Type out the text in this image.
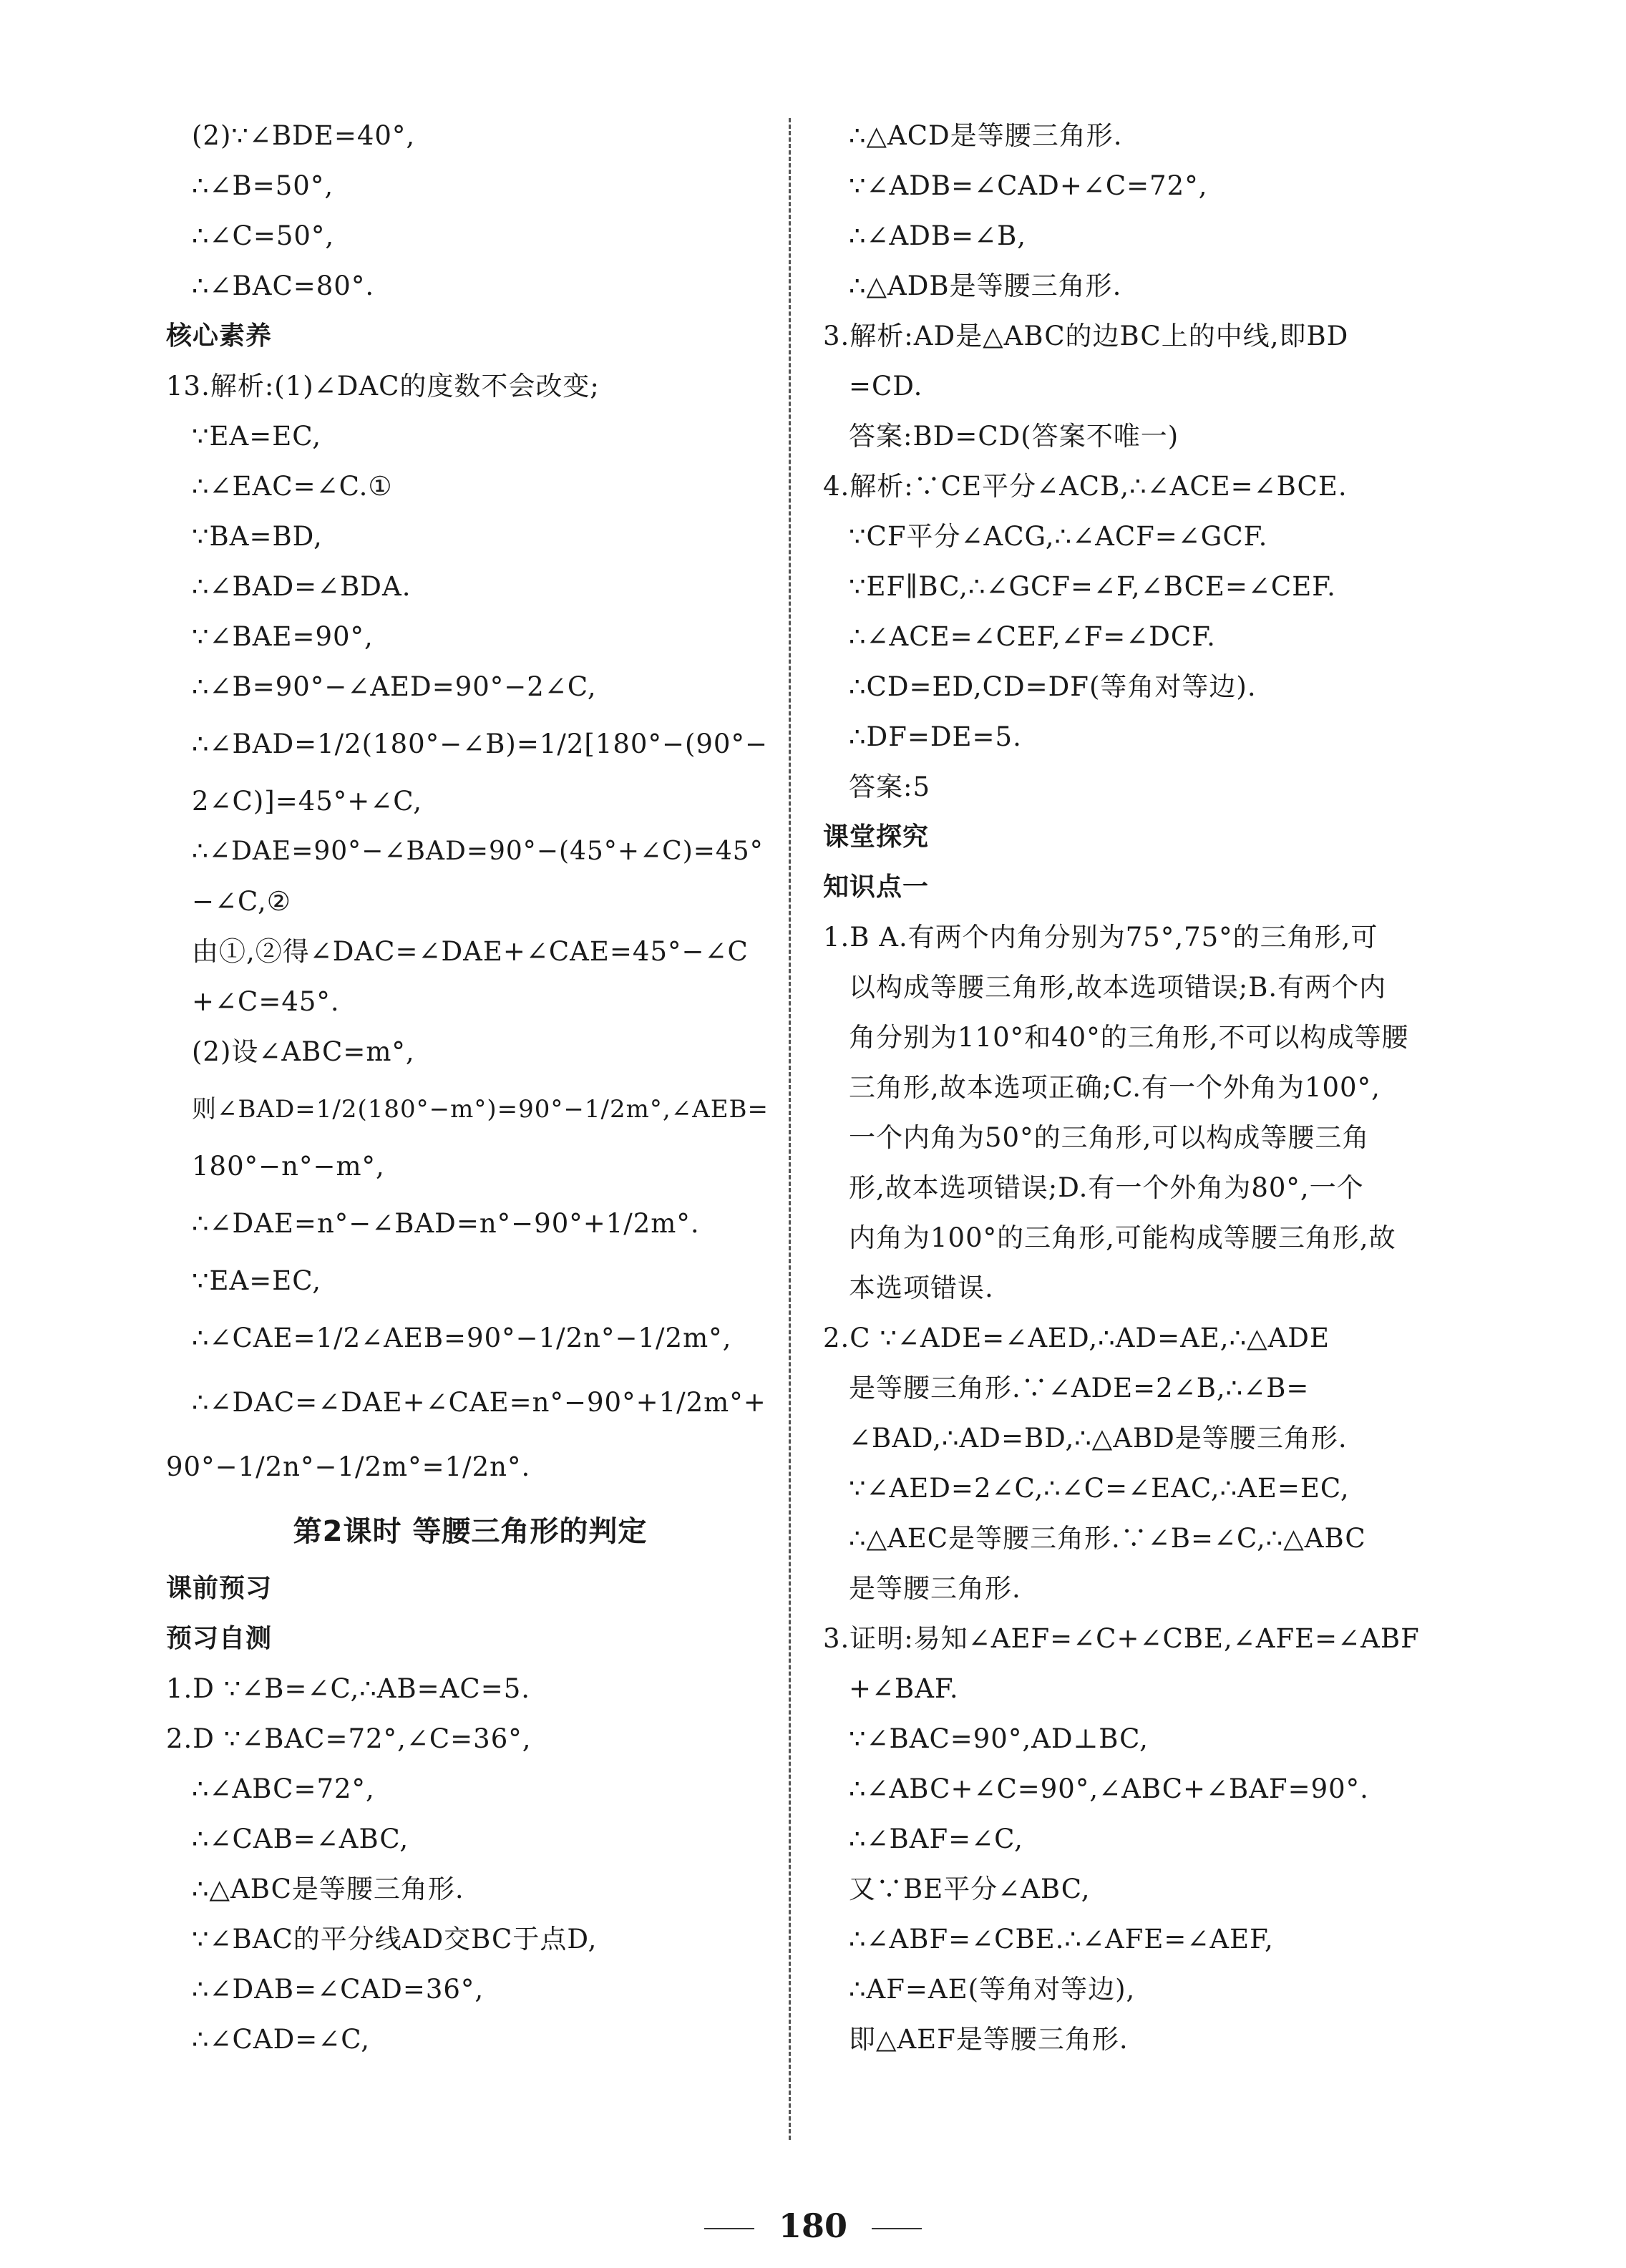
(2)∵∠BDE=40°,
∴∠B=50°,
∴∠C=50°,
∴∠BAC=80°.
核心素养
13.解析:(1)∠DAC的度数不会改变;
∵EA=EC,
∴∠EAC=∠C.①
∵BA=BD,
∴∠BAD=∠BDA.
∵∠BAE=90°,
∴∠B=90°−∠AED=90°−2∠C,
∴∠BAD=1/2(180°−∠B)=1/2[180°−(90°−
2∠C)]=45°+∠C,
∴∠DAE=90°−∠BAD=90°−(45°+∠C)=45°
−∠C,②
由①,②得∠DAC=∠DAE+∠CAE=45°−∠C
+∠C=45°.
(2)设∠ABC=m°,
则∠BAD=1/2(180°−m°)=90°−1/2m°,∠AEB=
180°−n°−m°,
∴∠DAE=n°−∠BAD=n°−90°+1/2m°.
∵EA=EC,
∴∠CAE=1/2∠AEB=90°−1/2n°−1/2m°,
∴∠DAC=∠DAE+∠CAE=n°−90°+1/2m°+
90°−1/2n°−1/2m°=1/2n°.
第2课时 等腰三角形的判定
课前预习
预习自测
1.D ∵∠B=∠C,∴AB=AC=5.
2.D ∵∠BAC=72°,∠C=36°,
∴∠ABC=72°,
∴∠CAB=∠ABC,
∴△ABC是等腰三角形.
∵∠BAC的平分线AD交BC于点D,
∴∠DAB=∠CAD=36°,
∴∠CAD=∠C,
∴△ACD是等腰三角形.
∵∠ADB=∠CAD+∠C=72°,
∴∠ADB=∠B,
∴△ADB是等腰三角形.
3.解析:AD是△ABC的边BC上的中线,即BD
=CD.
答案:BD=CD(答案不唯一)
4.解析:∵CE平分∠ACB,∴∠ACE=∠BCE.
∵CF平分∠ACG,∴∠ACF=∠GCF.
∵EF∥BC,∴∠GCF=∠F,∠BCE=∠CEF.
∴∠ACE=∠CEF,∠F=∠DCF.
∴CD=ED,CD=DF(等角对等边).
∴DF=DE=5.
答案:5
课堂探究
知识点一
1.B A.有两个内角分别为75°,75°的三角形,可
以构成等腰三角形,故本选项错误;B.有两个内
角分别为110°和40°的三角形,不可以构成等腰
三角形,故本选项正确;C.有一个外角为100°,
一个内角为50°的三角形,可以构成等腰三角
形,故本选项错误;D.有一个外角为80°,一个
内角为100°的三角形,可能构成等腰三角形,故
本选项错误.
2.C ∵∠ADE=∠AED,∴AD=AE,∴△ADE
是等腰三角形.∵∠ADE=2∠B,∴∠B=
∠BAD,∴AD=BD,∴△ABD是等腰三角形.
∵∠AED=2∠C,∴∠C=∠EAC,∴AE=EC,
∴△AEC是等腰三角形.∵∠B=∠C,∴△ABC
是等腰三角形.
3.证明:易知∠AEF=∠C+∠CBE,∠AFE=∠ABF
+∠BAF.
∵∠BAC=90°,AD⊥BC,
∴∠ABC+∠C=90°,∠ABC+∠BAF=90°.
∴∠BAF=∠C,
又∵BE平分∠ABC,
∴∠ABF=∠CBE.∴∠AFE=∠AEF,
∴AF=AE(等角对等边),
即△AEF是等腰三角形.
180
